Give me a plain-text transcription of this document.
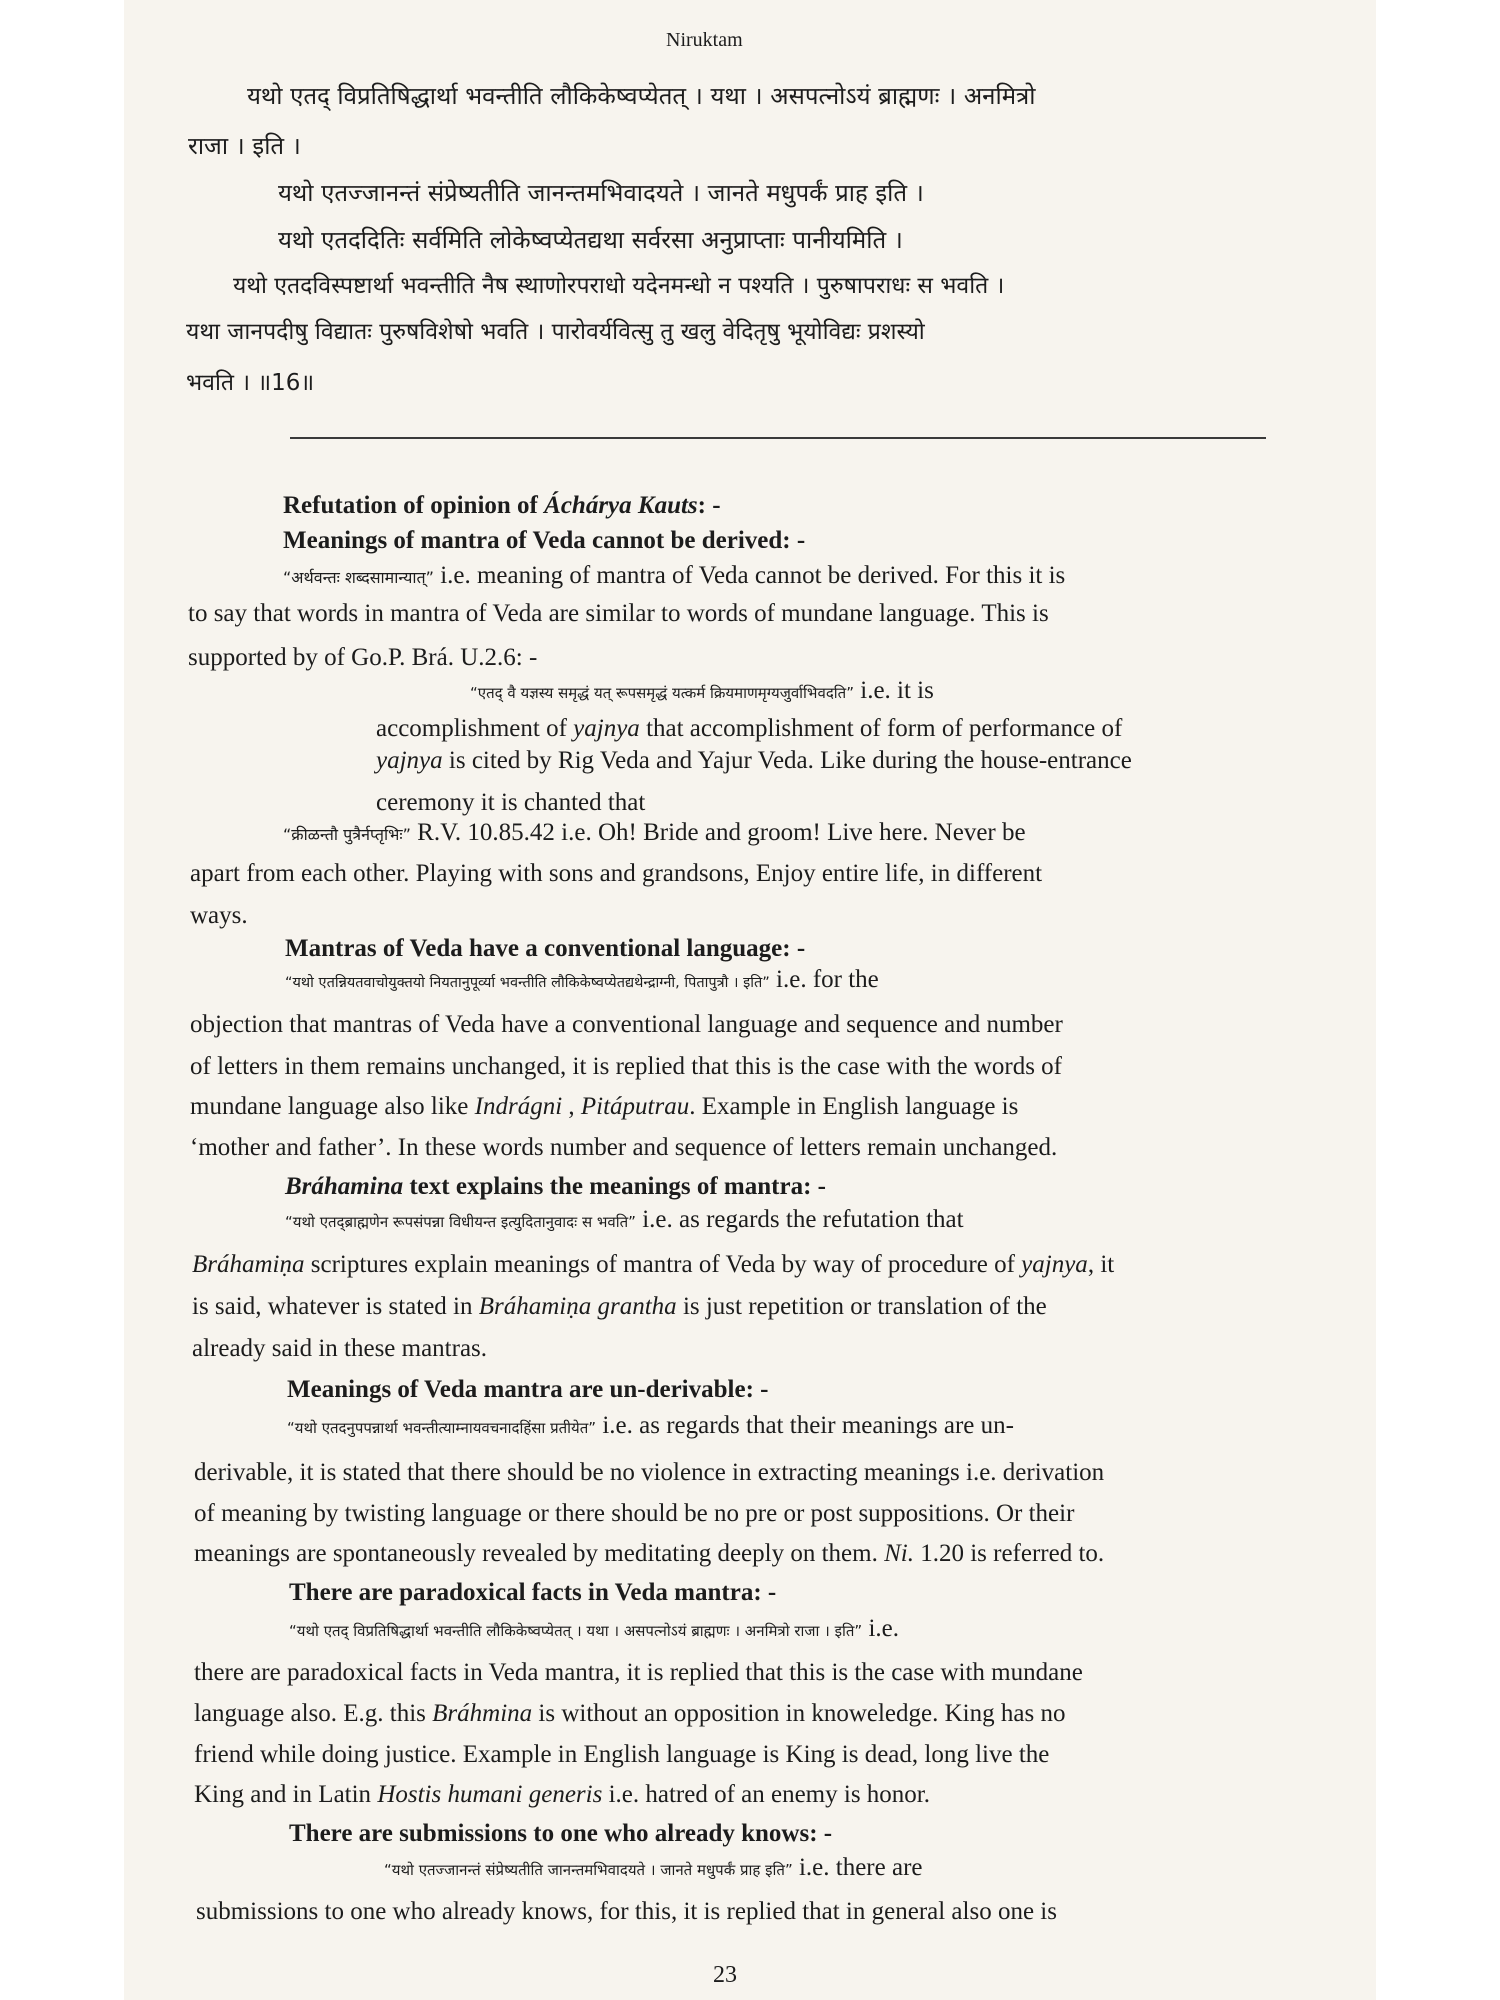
Niruktam
यथो एतद् विप्रतिषिद्धार्था भवन्तीति लौकिकेष्वप्येतत् । यथा । असपत्नोऽयं ब्राह्मणः । अनमित्रो
राजा । इति ।
यथो एतज्जानन्तं संप्रेष्यतीति जानन्तमभिवादयते । जानते मधुपर्कं प्राह इति ।
यथो एतददितिः सर्वमिति लोकेष्वप्येतद्यथा सर्वरसा अनुप्राप्ताः पानीयमिति ।
यथो एतदविस्पष्टार्था भवन्तीति नैष स्थाणोरपराधो यदेनमन्धो न पश्यति । पुरुषापराधः स भवति ।
यथा जानपदीषु विद्यातः पुरुषविशेषो भवति । पारोवर्यवित्सु तु खलु वेदितृषु भूयोविद्यः प्रशस्यो
भवति । ॥16॥
Refutation of opinion of Áchárya Kauts: -
Meanings of mantra of Veda cannot be derived: -
“अर्थवन्तः शब्दसामान्यात्” i.e. meaning of mantra of Veda cannot be derived. For this it is
to say that words in mantra of Veda are similar to words of mundane language. This is
supported by of Go.P. Brá. U.2.6: -
“एतद् वै यज्ञस्य समृद्धं यत् रूपसमृद्धं यत्कर्म क्रियमाणमृग्यजुर्वाभिवदति” i.e. it is
accomplishment of yajnya that accomplishment of form of performance of
yajnya is cited by Rig Veda and Yajur Veda. Like during the house-entrance
ceremony it is chanted that
“क्रीळन्तौ पुत्रैर्नप्तृभिः” R.V. 10.85.42 i.e. Oh! Bride and groom! Live here. Never be
apart from each other. Playing with sons and grandsons, Enjoy entire life, in different
ways.
Mantras of Veda have a conventional language: -
“यथो एतन्नियतवाचोयुक्तयो नियतानुपूर्व्या भवन्तीति लौकिकेष्वप्येतद्यथेन्द्राग्नी, पितापुत्रौ । इति” i.e. for the
objection that mantras of Veda have a conventional language and sequence and number
of letters in them remains unchanged, it is replied that this is the case with the words of
mundane language also like Indrágni , Pitáputrau. Example in English language is
‘mother and father’. In these words number and sequence of letters remain unchanged.
Bráhamina text explains the meanings of mantra: -
“यथो एतद्ब्राह्मणेन रूपसंपन्ना विधीयन्त इत्युदितानुवादः स भवति” i.e. as regards the refutation that
Bráhamiṇa scriptures explain meanings of mantra of Veda by way of procedure of yajnya, it
is said, whatever is stated in Bráhamiṇa grantha is just repetition or translation of the
already said in these mantras.
Meanings of Veda mantra are un-derivable: -
“यथो एतदनुपपन्नार्था भवन्तीत्याम्नायवचनादहिंसा प्रतीयेत” i.e. as regards that their meanings are un-
derivable, it is stated that there should be no violence in extracting meanings i.e. derivation
of meaning by twisting language or there should be no pre or post suppositions. Or their
meanings are spontaneously revealed by meditating deeply on them. Ni. 1.20 is referred to.
There are paradoxical facts in Veda mantra: -
“यथो एतद् विप्रतिषिद्धार्था भवन्तीति लौकिकेष्वप्येतत् । यथा । असपत्नोऽयं ब्राह्मणः । अनमित्रो राजा । इति” i.e.
there are paradoxical facts in Veda mantra, it is replied that this is the case with mundane
language also. E.g. this Bráhmina is without an opposition in knoweledge. King has no
friend while doing justice. Example in English language is King is dead, long live the
King and in Latin Hostis humani generis i.e. hatred of an enemy is honor.
There are submissions to one who already knows: -
“यथो एतज्जानन्तं संप्रेष्यतीति जानन्तमभिवादयते । जानते मधुपर्कं प्राह इति” i.e. there are
submissions to one who already knows, for this, it is replied that in general also one is
23
